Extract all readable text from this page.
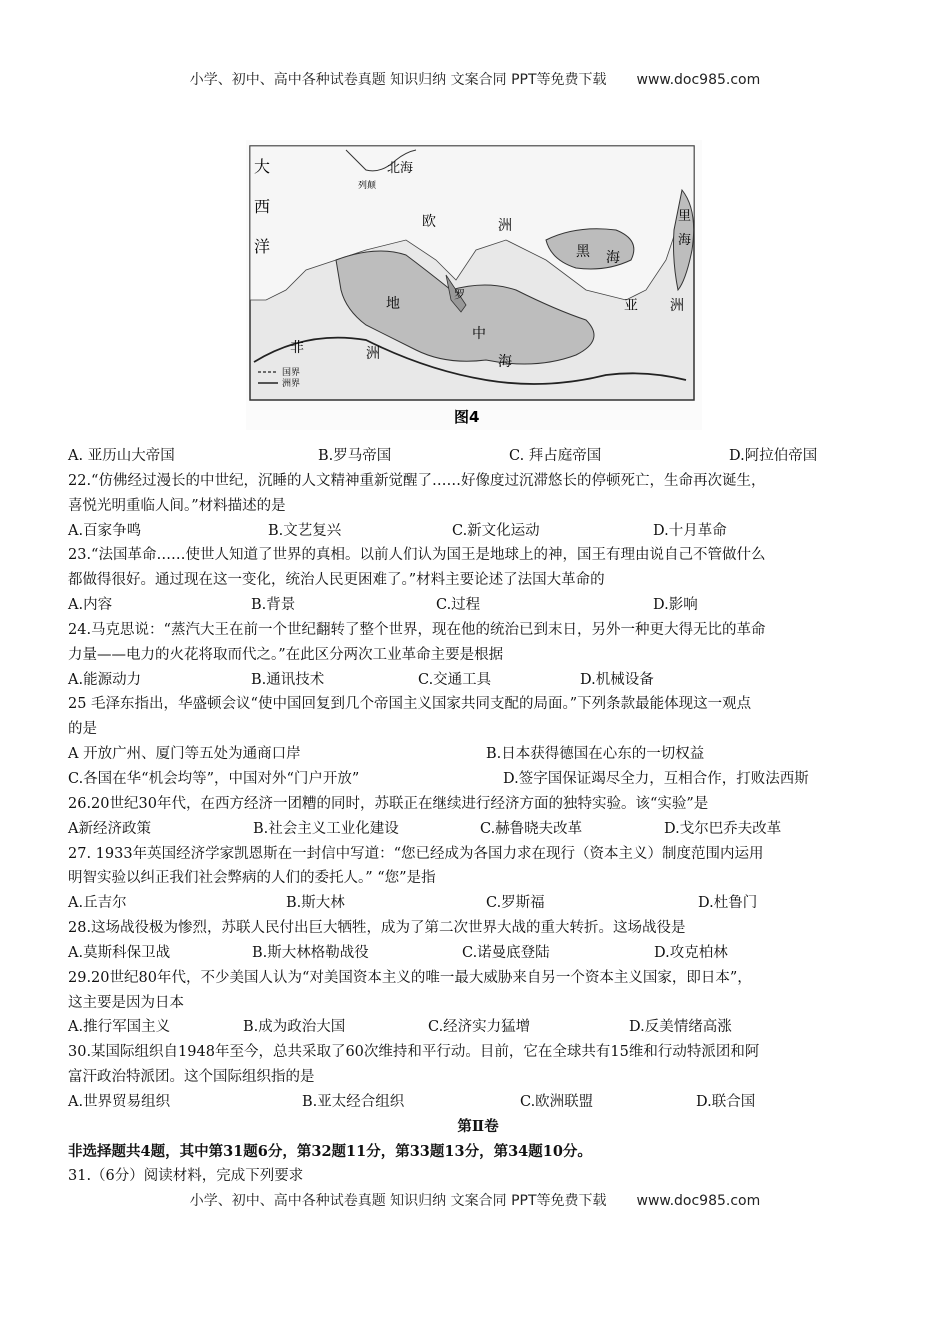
小学、初中、高中各种试卷真题 知识归纳 文案合同 PPT等免费下载 www.doc985.com
大
西
洋
北海
列颠
欧	洲
黑 海
里
海
亚 洲
罗
地
中
海
非	洲
国界
洲界
图4
A. 亚历山大帝国	B.罗马帝国	C. 拜占庭帝国	D.阿拉伯帝国
22.“仿佛经过漫长的中世纪，沉睡的人文精神重新觉醒了……好像度过沉滞悠长的停顿死亡，生命再次诞生，
喜悦光明重临人间。”材料描述的是
A.百家争鸣	B.文艺复兴	C.新文化运动	D.十月革命
23.“法国革命……使世人知道了世界的真相。以前人们认为国王是地球上的神，国王有理由说自己不管做什么
都做得很好。通过现在这一变化，统治人民更困难了。”材料主要论述了法国大革命的
A.内容	B.背景	C.过程	D.影响
24.马克思说：“蒸汽大王在前一个世纪翻转了整个世界，现在他的统治已到末日，另外一种更大得无比的革命
力量——电力的火花将取而代之。”在此区分两次工业革命主要是根据
A.能源动力	B.通讯技术	C.交通工具	D.机械设备
25 毛泽东指出，华盛顿会议“使中国回复到几个帝国主义国家共同支配的局面。”下列条款最能体现这一观点
的是
A 开放广州、厦门等五处为通商口岸	B.日本获得德国在心东的一切权益
C.各国在华“机会均等”，中国对外“门户开放”	D.签字国保证竭尽全力，互相合作，打败法西斯
26.20世纪30年代，在西方经济一团糟的同时，苏联正在继续进行经济方面的独特实验。该“实验”是
A新经济政策	B.社会主义工业化建设	C.赫鲁晓夫改革	D.戈尔巴乔夫改革
27. 1933年英国经济学家凯恩斯在一封信中写道：“您已经成为各国力求在现行（资本主义）制度范围内运用
明智实验以纠正我们社会弊病的人们的委托人。” “您”是指
A.丘吉尔	B.斯大林	C.罗斯福	D.杜鲁门
28.这场战役极为惨烈，苏联人民付出巨大牺牲，成为了第二次世界大战的重大转折。这场战役是
A.莫斯科保卫战	B.斯大林格勒战役	C.诺曼底登陆	D.攻克柏林
29.20世纪80年代，不少美国人认为“对美国资本主义的唯一最大威胁来自另一个资本主义国家，即日本”，
这主要是因为日本
A.推行军国主义	B.成为政治大国	C.经济实力猛增	D.反美情绪高涨
30.某国际组织自1948年至今，总共采取了60次维持和平行动。目前，它在全球共有15维和行动特派团和阿
富汗政治特派团。这个国际组织指的是
A.世界贸易组织	B.亚太经合组织	C.欧洲联盟	D.联合国
第Ⅱ卷
非选择题共4题，其中第31题6分，第32题11分，第33题13分，第34题10分。
31.（6分）阅读材料，完成下列要求
小学、初中、高中各种试卷真题 知识归纳 文案合同 PPT等免费下载 www.doc985.com
